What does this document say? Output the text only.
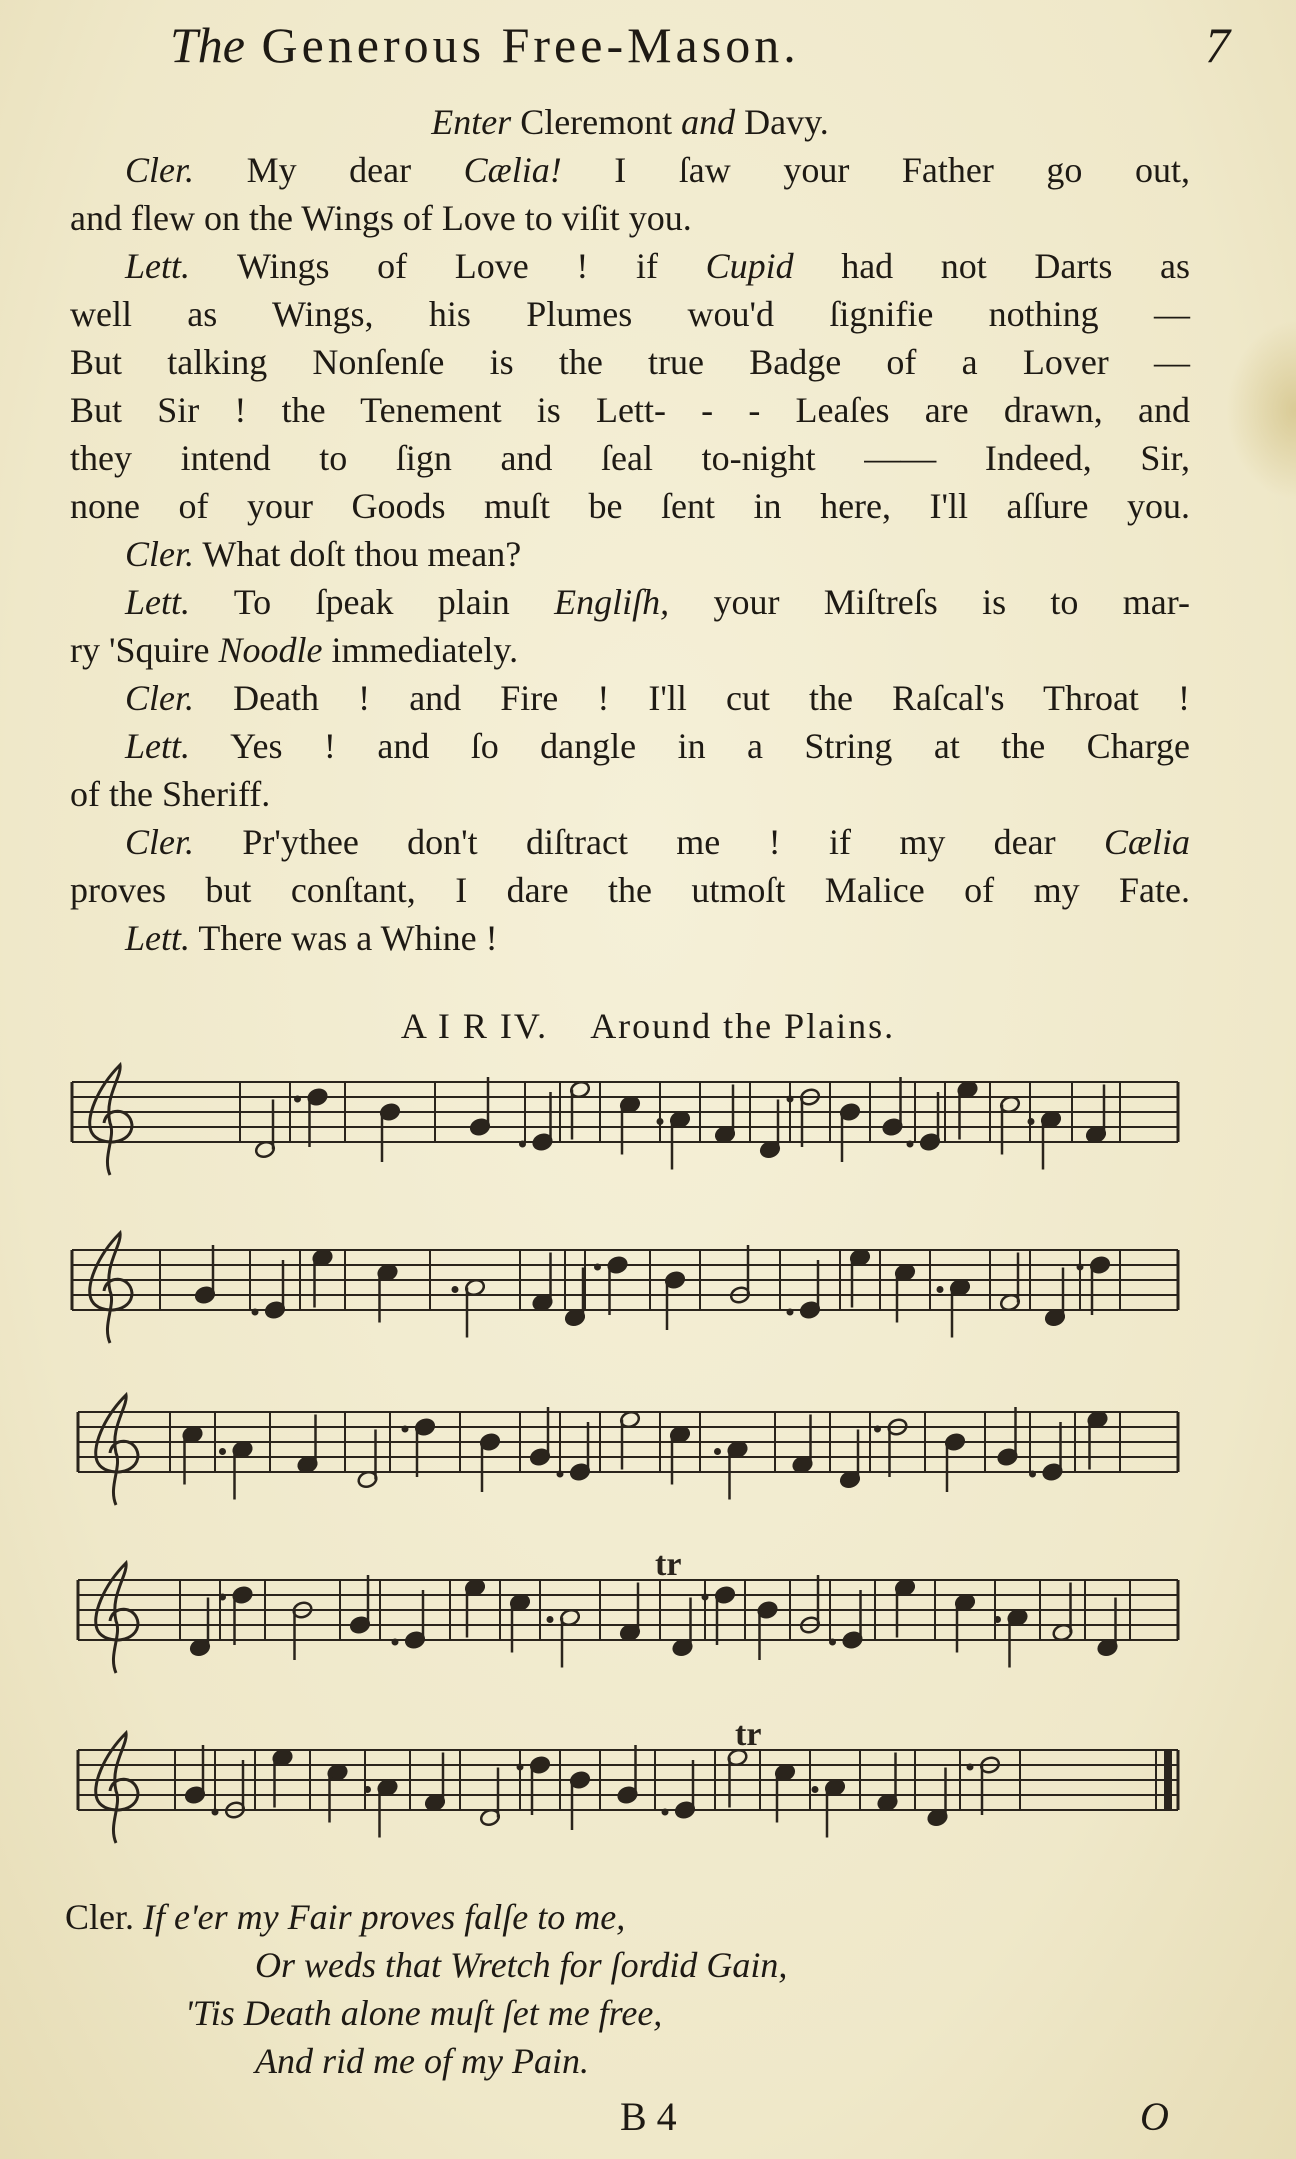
The Generous Free-Mason.	7
Enter Cleremont and Davy.
Cler. My dear Cælia! I ſaw your Father go out,
and flew on the Wings of Love to viſit you.
Lett. Wings of Love ! if Cupid had not Darts as
well as Wings, his Plumes wou'd ſignifie nothing —
But talking Nonſenſe is the true Badge of a Lover —
But Sir ! the Tenement is Lett- - - Leaſes are drawn, and
they intend to ſign and ſeal to-night —— Indeed, Sir,
none of your Goods muſt be ſent in here, I'll aſſure you.
Cler. What doſt thou mean?
Lett. To ſpeak plain Engliſh, your Miſtreſs is to mar-
ry 'Squire Noodle immediately.
Cler. Death ! and Fire ! I'll cut the Raſcal's Throat !
Lett. Yes ! and ſo dangle in a String at the Charge
of the Sheriff.
Cler. Pr'ythee don't diſtract me ! if my dear Cælia
proves but conſtant, I dare the utmoſt Malice of my Fate.
Lett. There was a Whine !
A I R IV. Around the Plains.
tr
tr
Cler. If e'er my Fair proves falſe to me,
Or weds that Wretch for ſordid Gain,
'Tis Death alone muſt ſet me free,
And rid me of my Pain.
B 4	O
